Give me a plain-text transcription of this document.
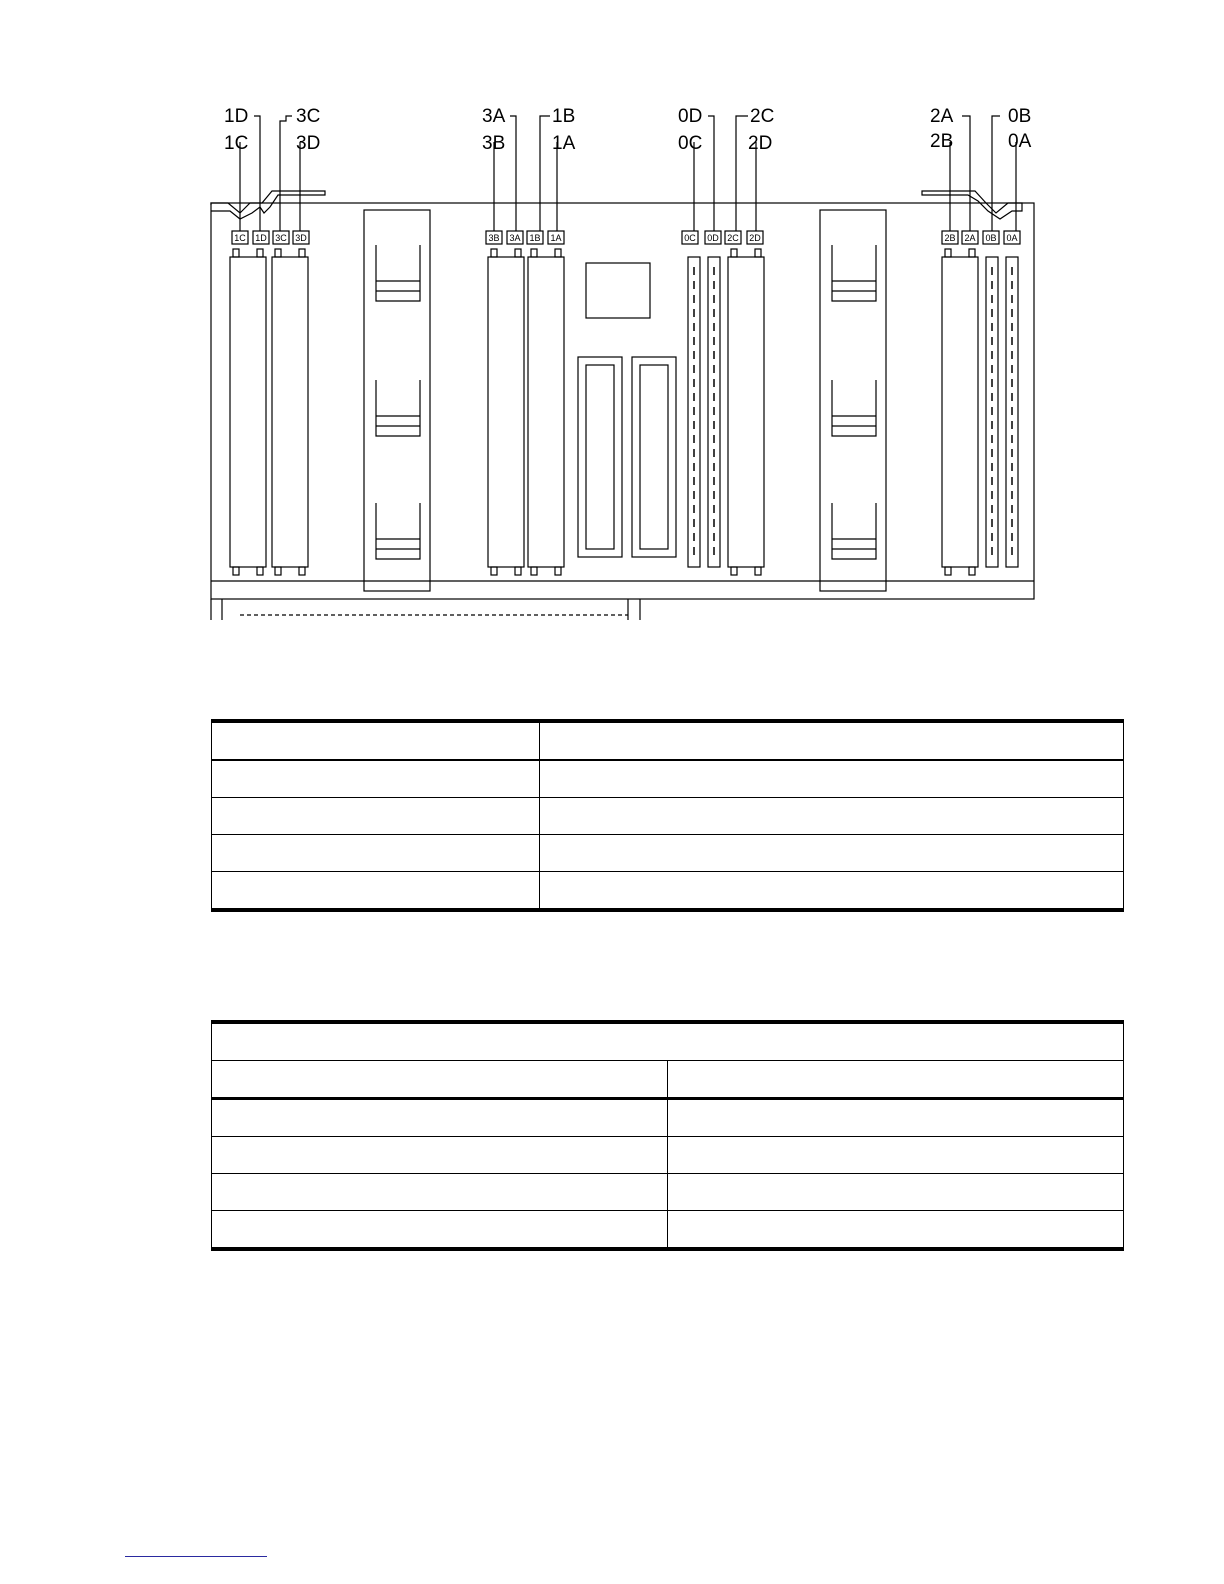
1C 1D 3C 3D	3B 3A 1B 1A	0C 0D 2C 2D	2B 2A 0B 0A
1D
1C
3C
3D
3A
3B
1B
1A
0D
0C
2C
2D
2A
2B
0B
0A
